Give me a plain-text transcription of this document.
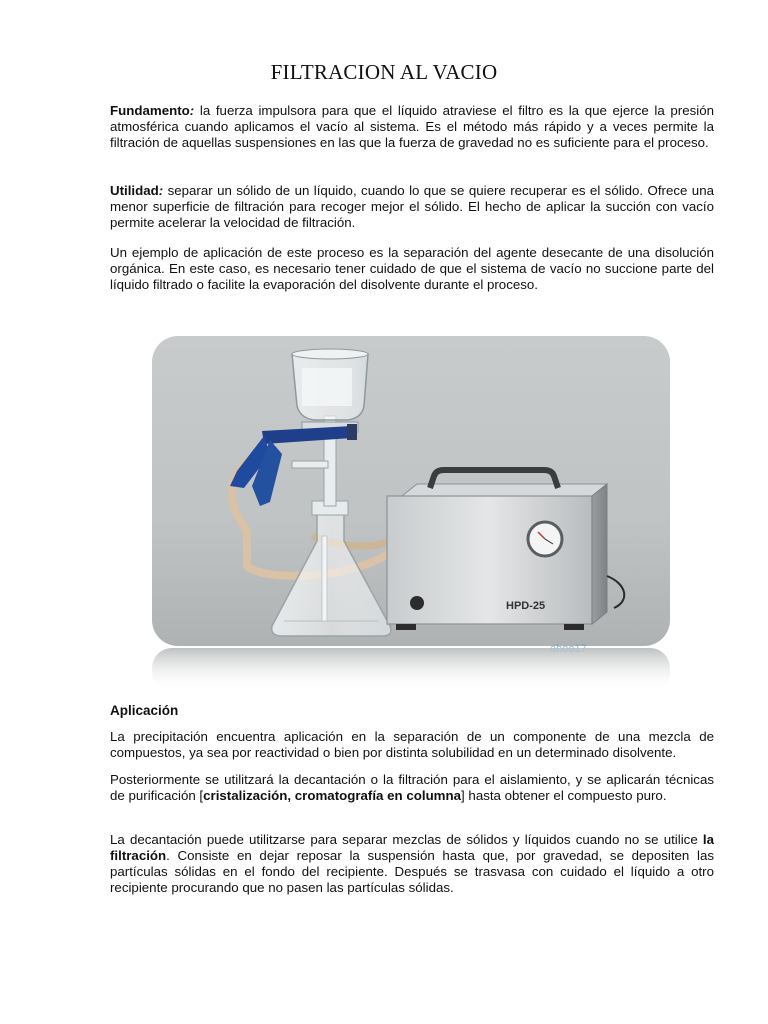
FILTRACION AL VACIO

Fundamento: la fuerza impulsora para que el líquido atraviese el filtro es la que ejerce la presión atmosférica cuando aplicamos el vacío al sistema. Es el método más rápido y a veces permite la filtración de aquellas suspensiones en las que la fuerza de gravedad no es suficiente para el proceso.

Utilidad: separar un sólido de un líquido, cuando lo que se quiere recuperar es el sólido. Ofrece una menor superficie de filtración para recoger mejor el sólido. El hecho de aplicar la succión con vacío permite acelerar la velocidad de filtración.

Un ejemplo de aplicación de este proceso es la separación del agente desecante de una disolución orgánica. En este caso, es necesario tener cuidado de que el sistema de vacío no succione parte del líquido filtrado o facilite la evaporación del disolvente durante el proceso.

HPD-25

Aplicación

La precipitación encuentra aplicación en la separación de un componente de una mezcla de compuestos, ya sea por reactividad o bien por distinta solubilidad en un determinado disolvente.

Posteriormente se utilitzará la decantación o la filtración para el aislamiento, y se aplicarán técnicas de purificación [cristalización, cromatografía en columna] hasta obtener el compuesto puro.

La decantación puede utilitzarse para separar mezclas de sólidos y líquidos cuando no se utilice la filtración. Consiste en dejar reposar la suspensión hasta que, por gravedad, se depositen las partículas sólidas en el fondo del recipiente. Después se trasvasa con cuidado el líquido a otro recipiente procurando que no pasen las partículas sólidas.
